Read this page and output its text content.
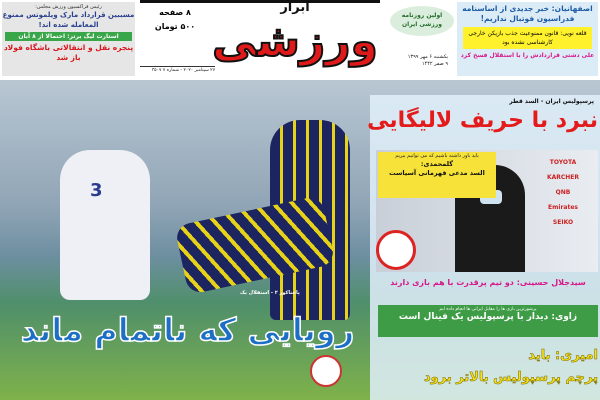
رئیس فراکسیون ورزش مجلس:
مسببین قرارداد مارک ویلموتس ممنوع المعامله شده اند!
استارت لیگ برتر: احتمالا از ۸ آبان
پنجره نقل و انتقالاتی باشگاه فولاد باز شد
۸ صفحه
۵۰۰ تومان
ابرار
ورزشی
۲۷ سپتامبر ۲۰۲۰ - شماره ۷ ۳۵۰۷
یکشنبه ۶ مهر ۱۳۹۹
۹ صفر ۱۴۴۲
اولین روزنامه
ورزشی ایران
اصفهانیان: خبر جدیدی از اساسنامه فدراسیون فوتبال نداریم!
قلعه نویی: قانون ممنوعیت جذب بازیکن خارجی کارشناسی نشده بود
علی دشتی قراردادش را با استقلال فسخ کرد
3
پرسپولیس ایران - السد قطر
نبرد با حریف لالیگایی
TOYOTA
KARCHER
QNB
Emirates
SEIKO
باید باور داشته باشیم که می توانیم ببریم
گلمحمدی:
السد مدعی قهرمانی آسیاست
سیدجلال حسینی: دو تیم پرقدرت با هم بازی دارند
پرشورترین بازی ها را مقابل ایرانی ها انجام داده ایم
زاوی: دیدار با پرسپولیس یک فینال است
امیری: باید
پرچم پرسپولیس بالاتر برود
پاختاکور ۲ - استقلال یک
رویایی که ناتمام ماند
